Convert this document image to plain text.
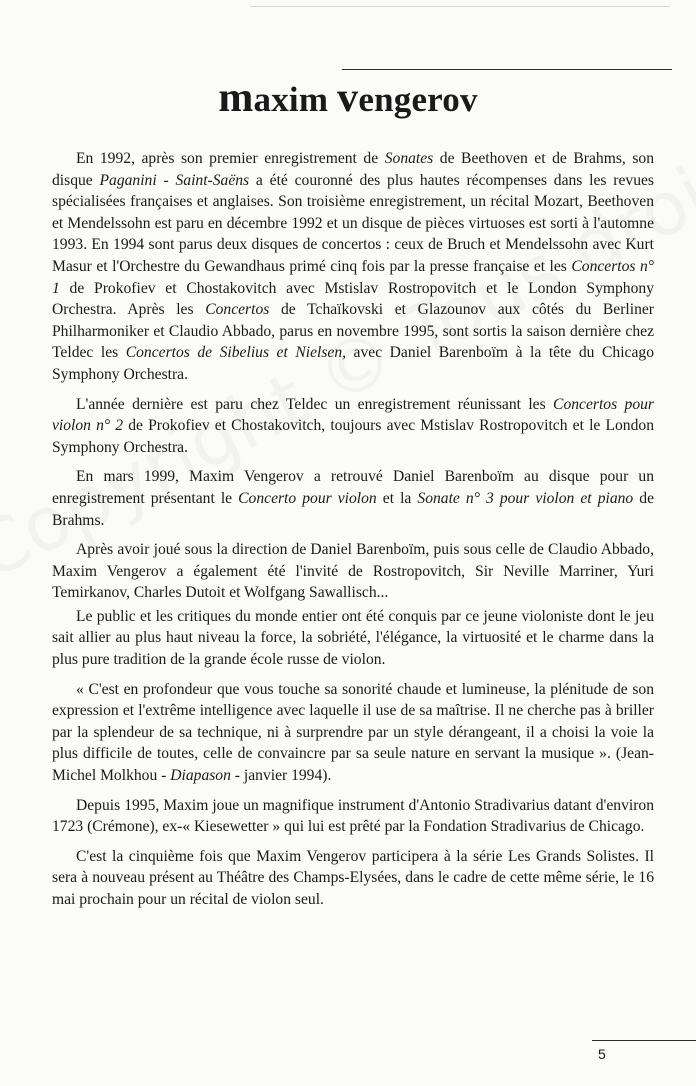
maxim vengerov

En 1992, après son premier enregistrement de Sonates de Beethoven et de Brahms, son disque Paganini - Saint-Saëns a été couronné des plus hautes récompenses dans les revues spécialisées françaises et anglaises. Son troisième enregistrement, un récital Mozart, Beethoven et Mendelssohn est paru en décembre 1992 et un disque de pièces virtuoses est sorti à l'automne 1993. En 1994 sont parus deux disques de concertos : ceux de Bruch et Mendelssohn avec Kurt Masur et l'Orchestre du Gewandhaus primé cinq fois par la presse française et les Concertos n° 1 de Prokofiev et Chostakovitch avec Mstislav Rostropovitch et le London Symphony Orchestra. Après les Concertos de Tchaïkovski et Glazounov aux côtés du Berliner Philharmoniker et Claudio Abbado, parus en novembre 1995, sont sortis la saison dernière chez Teldec les Concertos de Sibelius et Nielsen, avec Daniel Barenboïm à la tête du Chicago Symphony Orchestra.

L'année dernière est paru chez Teldec un enregistrement réunissant les Concertos pour violon n° 2 de Prokofiev et Chostakovitch, toujours avec Mstislav Rostropovitch et le London Symphony Orchestra.

En mars 1999, Maxim Vengerov a retrouvé Daniel Barenboïm au disque pour un enregistrement présentant le Concerto pour violon et la Sonate n° 3 pour violon et piano de Brahms.

Après avoir joué sous la direction de Daniel Barenboïm, puis sous celle de Claudio Abbado, Maxim Vengerov a également été l'invité de Rostropovitch, Sir Neville Marriner, Yuri Temirkanov, Charles Dutoit et Wolfgang Sawallisch...

Le public et les critiques du monde entier ont été conquis par ce jeune violoniste dont le jeu sait allier au plus haut niveau la force, la sobriété, l'élégance, la virtuosité et le charme dans la plus pure tradition de la grande école russe de violon.

« C'est en profondeur que vous touche sa sonorité chaude et lumineuse, la plénitude de son expression et l'extrême intelligence avec laquelle il use de sa maîtrise. Il ne cherche pas à briller par la splendeur de sa technique, ni à surprendre par un style dérangeant, il a choisi la voie la plus difficile de toutes, celle de convaincre par sa seule nature en servant la musique ». (Jean-Michel Molkhou - Diapason - janvier 1994).

Depuis 1995, Maxim joue un magnifique instrument d'Antonio Stradivarius datant d'environ 1723 (Crémone), ex-« Kiesewetter » qui lui est prêté par la Fondation Stradivarius de Chicago.

C'est la cinquième fois que Maxim Vengerov participera à la série Les Grands Solistes. Il sera à nouveau présent au Théâtre des Champs-Elysées, dans le cadre de cette même série, le 16 mai prochain pour un récital de violon seul.

5
